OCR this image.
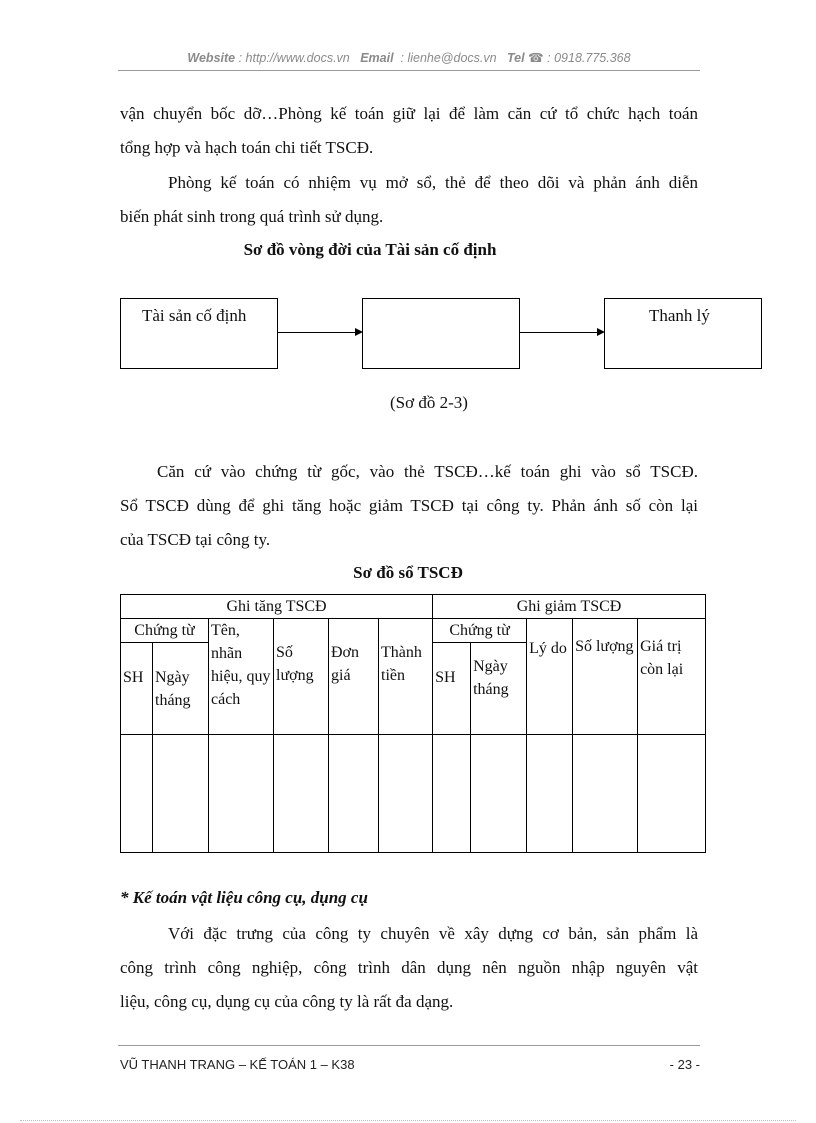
Website : http://www.docs.vn Email : lienhe@docs.vn Tel ☎ : 0918.775.368
vận chuyển bốc dỡ…Phòng kế toán giữ lại để làm căn cứ tổ chức hạch toán
tổng hợp và hạch toán chi tiết TSCĐ.
Phòng kế toán có nhiệm vụ mở sổ, thẻ để theo dõi và phản ánh diễn
biến phát sinh trong quá trình sử dụng.
Sơ đồ vòng đời của Tài sản cố định
Tài sản cố định	Thanh lý
(Sơ đồ 2-3)
Căn cứ vào chứng từ gốc, vào thẻ TSCĐ…kế toán ghi vào sổ TSCĐ.
Sổ TSCĐ dùng để ghi tăng hoặc giảm TSCĐ tại công ty. Phản ánh số còn lại
của TSCĐ tại công ty.
Sơ đồ sổ TSCĐ
Ghi tăng TSCĐ						Ghi giảm TSCĐ				
Chứng từ		Tên, nhãn hiệu, quy cách	Số lượng	Đơn giá	Thành tiền	Chứng từ		Lý do	Số lượng	Giá trị còn lại
SH	Ngày tháng					SH	Ngày tháng			

* Kế toán vật liệu công cụ, dụng cụ
Với đặc trưng của công ty chuyên về xây dựng cơ bản, sản phẩm là
công trình công nghiệp, công trình dân dụng nên nguồn nhập nguyên vật
liệu, công cụ, dụng cụ của công ty là rất đa dạng.
VŨ THANH TRANG – KẾ TOÁN 1 – K38	- 23 -
